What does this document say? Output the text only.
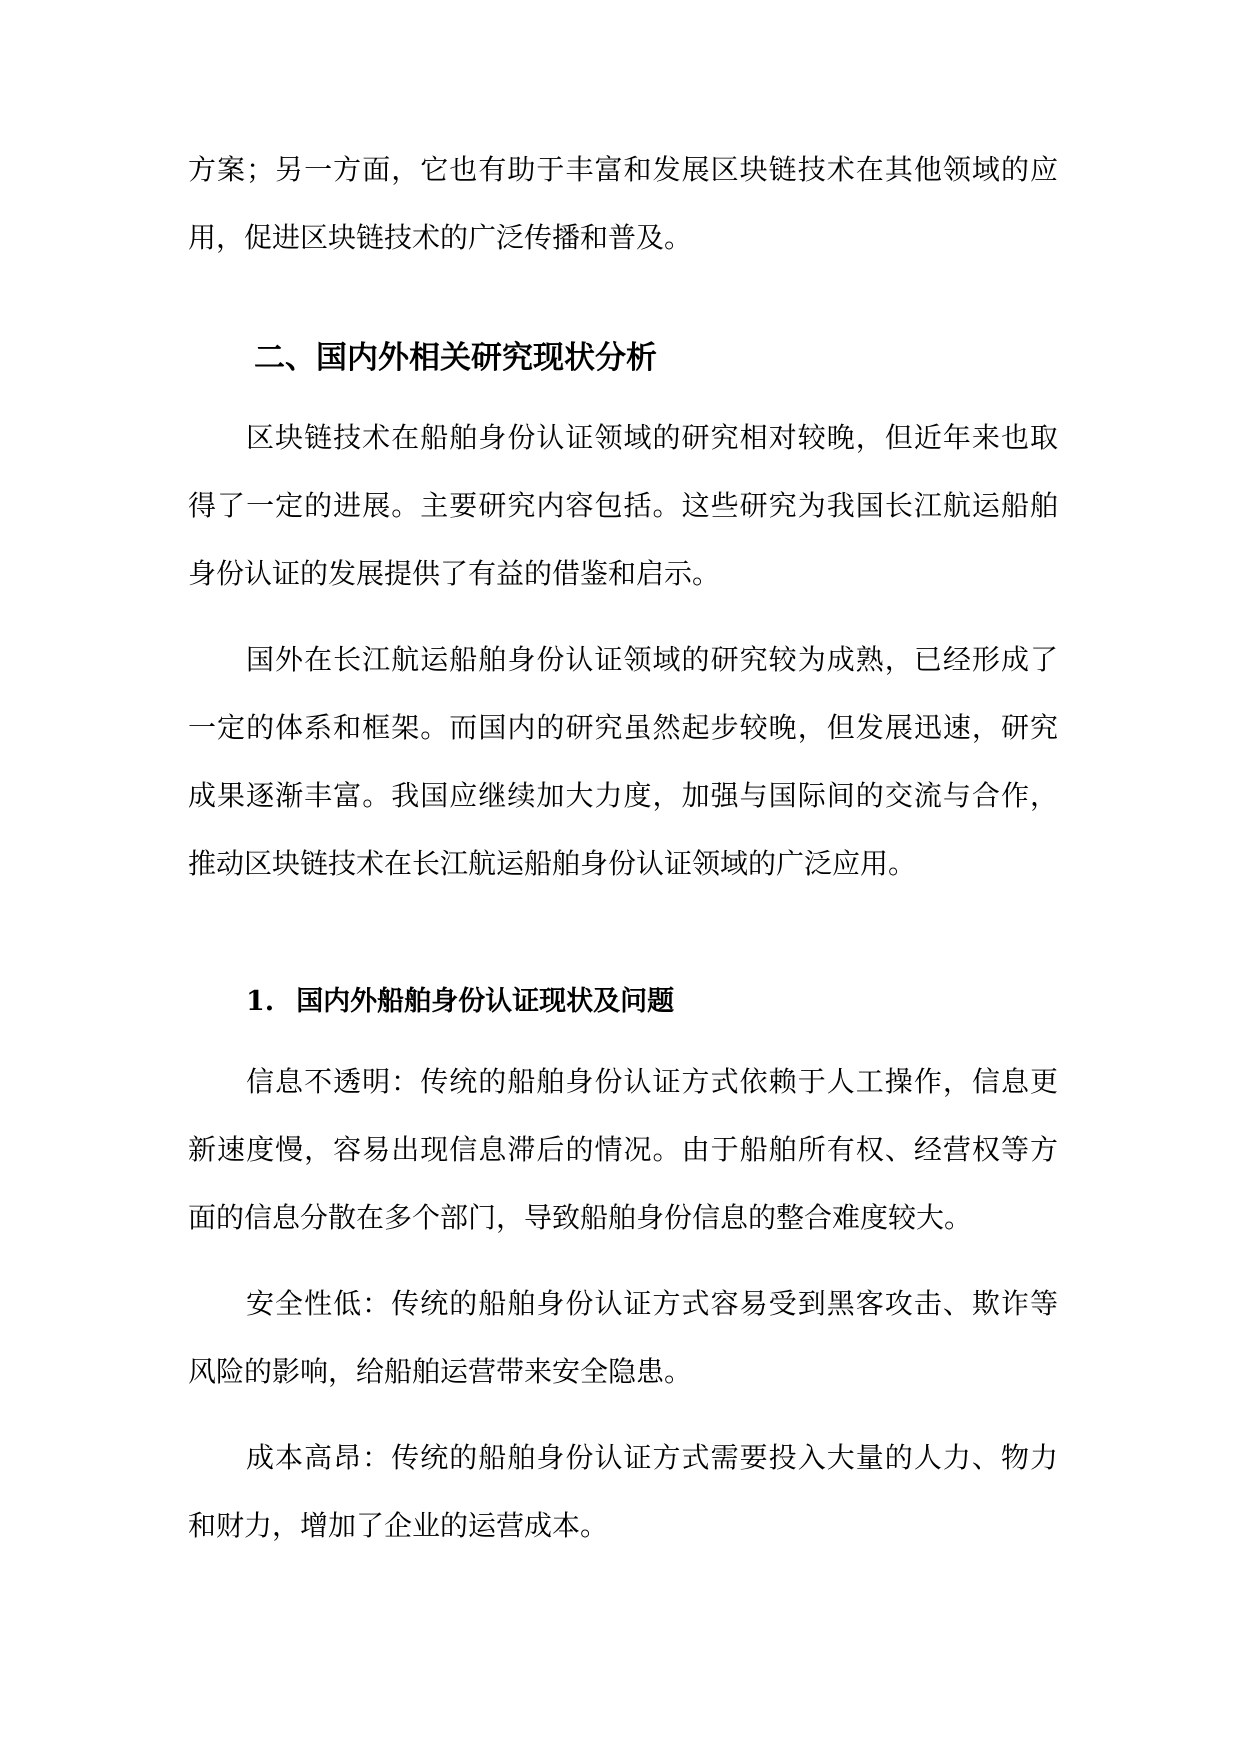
方案；另一方面，它也有助于丰富和发展区块链技术在其他领域的应

用，促进区块链技术的广泛传播和普及。

二、国内外相关研究现状分析

区块链技术在船舶身份认证领域的研究相对较晚，但近年来也取

得了一定的进展。主要研究内容包括。这些研究为我国长江航运船舶

身份认证的发展提供了有益的借鉴和启示。

国外在长江航运船舶身份认证领域的研究较为成熟，已经形成了

一定的体系和框架。而国内的研究虽然起步较晚，但发展迅速，研究

成果逐渐丰富。我国应继续加大力度，加强与国际间的交流与合作，

推动区块链技术在长江航运船舶身份认证领域的广泛应用。

1. 国内外船舶身份认证现状及问题

信息不透明：传统的船舶身份认证方式依赖于人工操作，信息更

新速度慢，容易出现信息滞后的情况。由于船舶所有权、经营权等方

面的信息分散在多个部门，导致船舶身份信息的整合难度较大。

安全性低：传统的船舶身份认证方式容易受到黑客攻击、欺诈等

风险的影响，给船舶运营带来安全隐患。

成本高昂：传统的船舶身份认证方式需要投入大量的人力、物力

和财力，增加了企业的运营成本。
